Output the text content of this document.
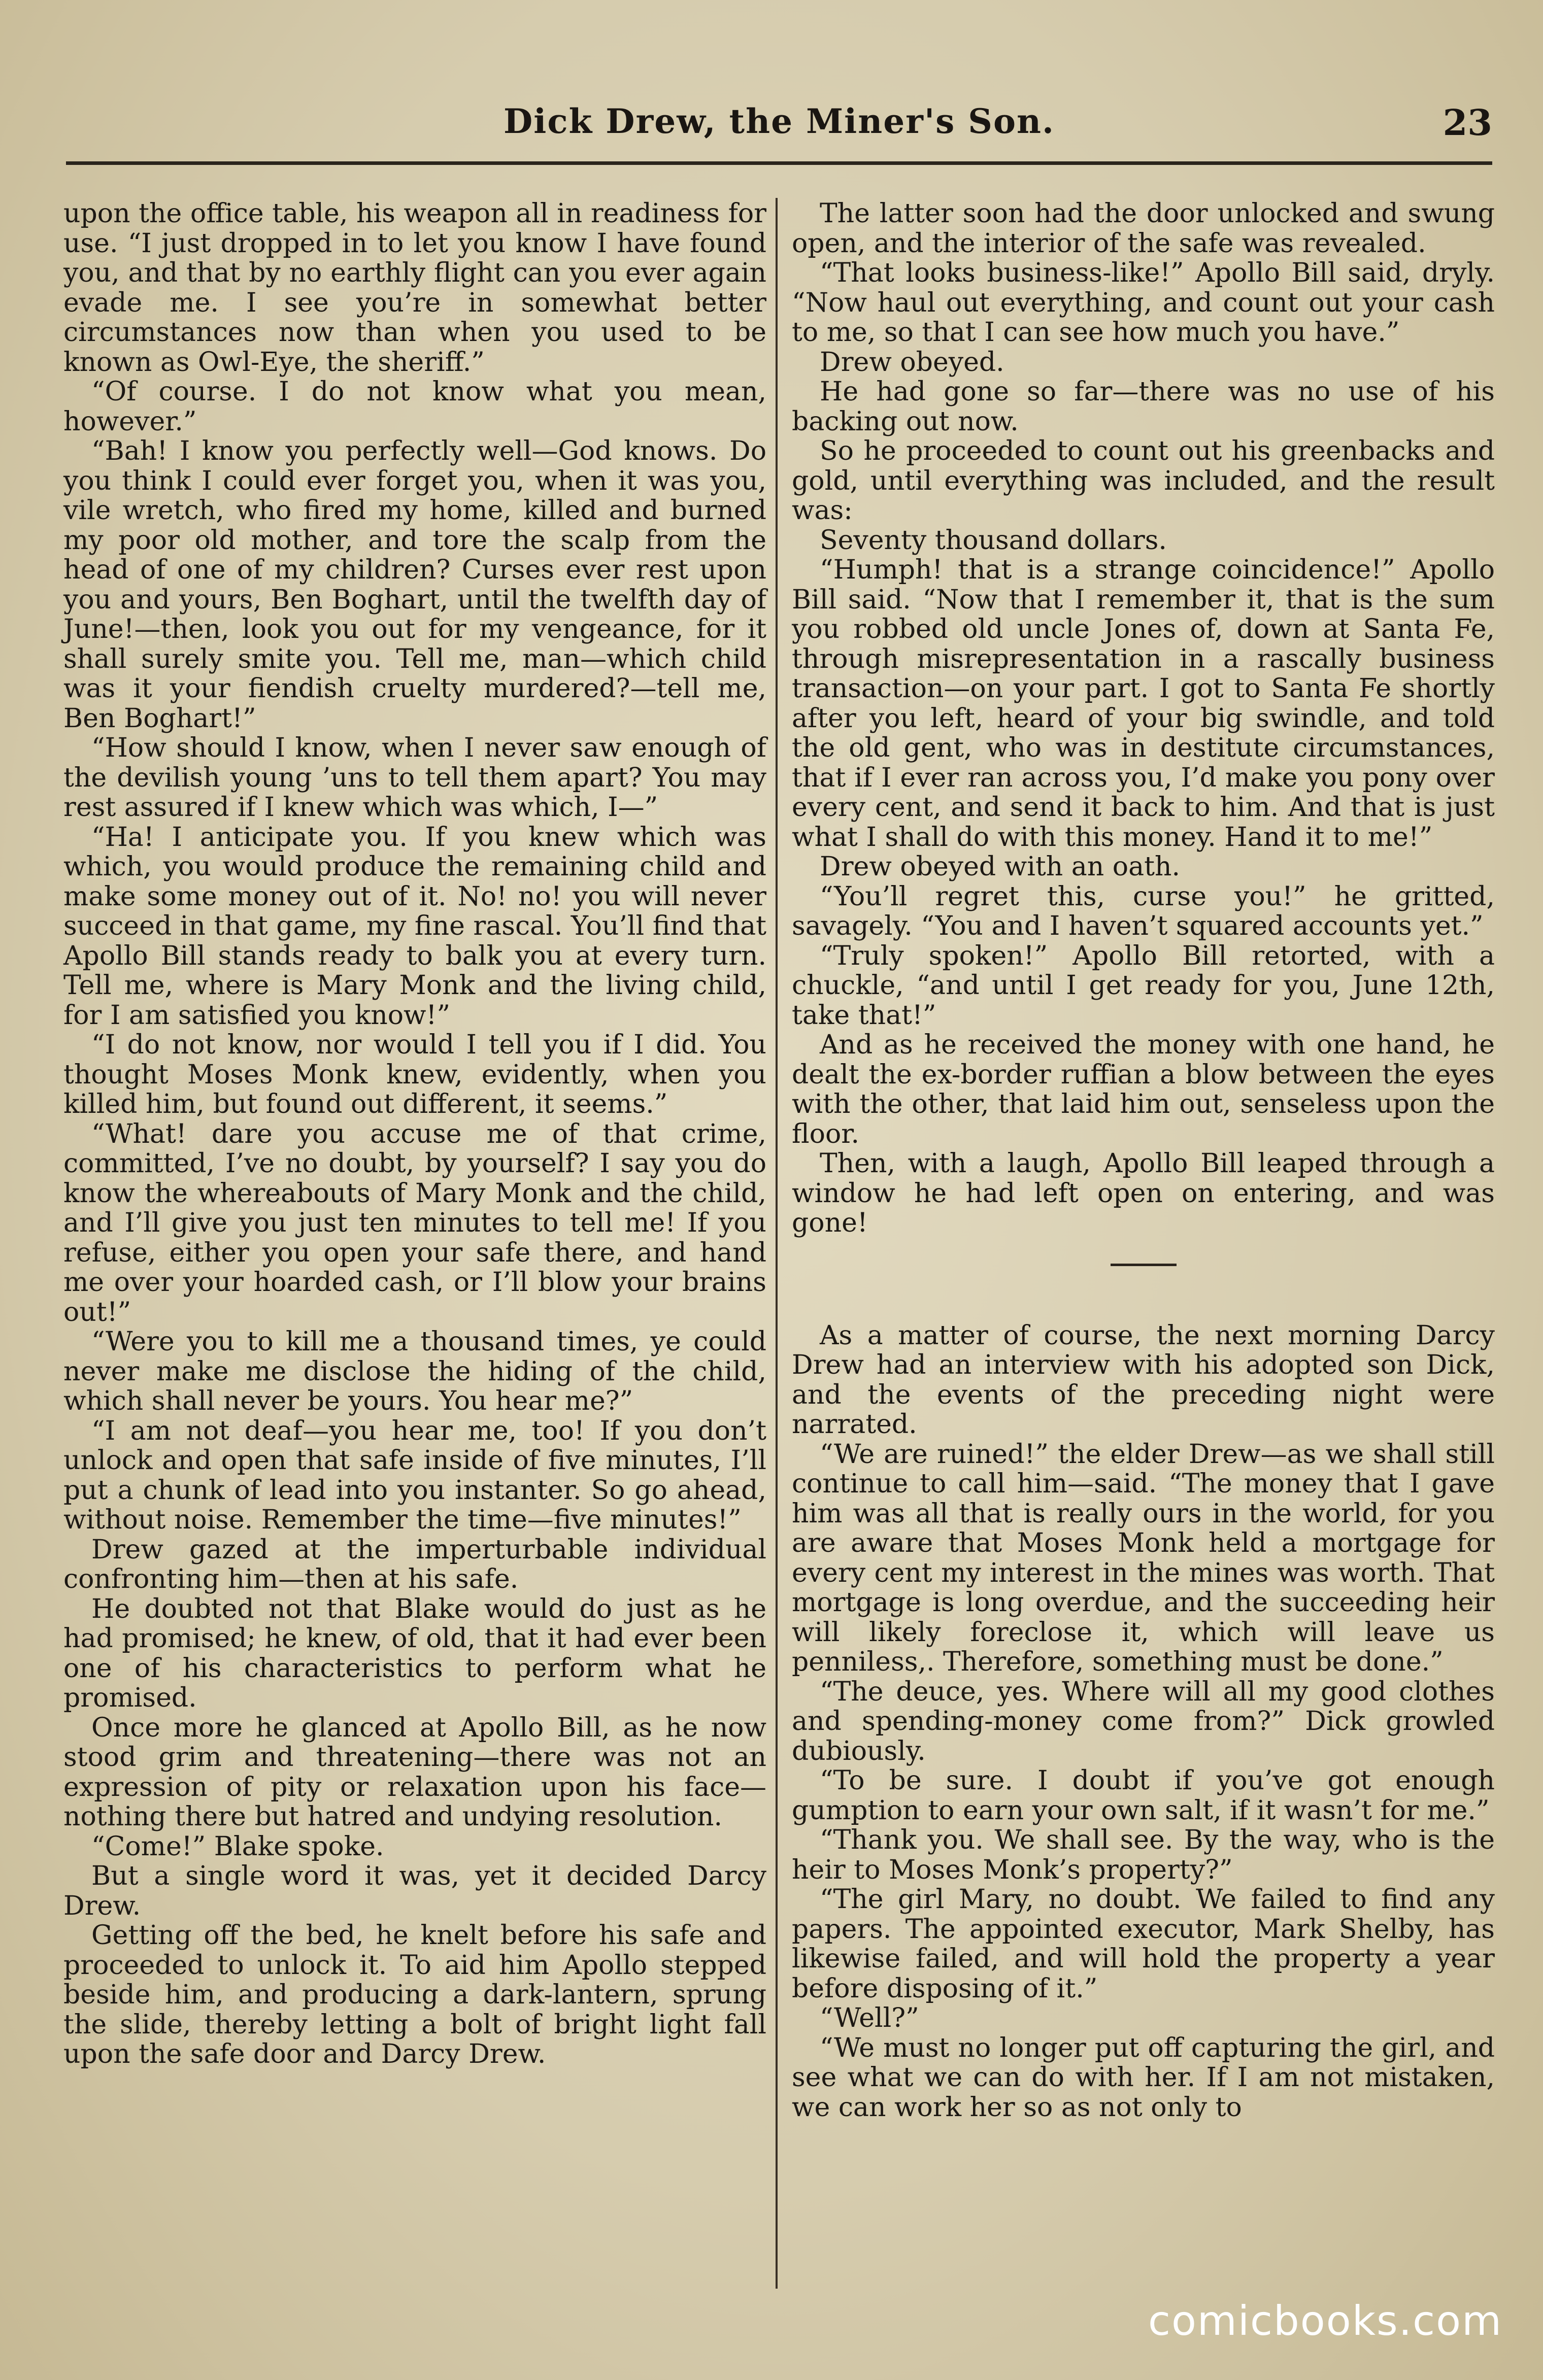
Dick Drew, the Miner's Son.	23

upon the office table, his weapon all in readiness for use. “I just dropped in to let you know I have found you, and that by no earthly flight can you ever again evade me. I see you’re in somewhat better circumstances now than when you used to be known as Owl-Eye, the sheriff.”

“Of course. I do not know what you mean, however.”

“Bah! I know you perfectly well—God knows. Do you think I could ever forget you, when it was you, vile wretch, who fired my home, killed and burned my poor old mother, and tore the scalp from the head of one of my children? Curses ever rest upon you and yours, Ben Boghart, until the twelfth day of June!—then, look you out for my vengeance, for it shall surely smite you. Tell me, man—which child was it your fiendish cruelty murdered?—tell me, Ben Boghart!”

“How should I know, when I never saw enough of the devilish young ’uns to tell them apart? You may rest assured if I knew which was which, I—”

“Ha! I anticipate you. If you knew which was which, you would produce the remaining child and make some money out of it. No! no! you will never succeed in that game, my fine rascal. You’ll find that Apollo Bill stands ready to balk you at every turn. Tell me, where is Mary Monk and the living child, for I am satisfied you know!”

“I do not know, nor would I tell you if I did. You thought Moses Monk knew, evidently, when you killed him, but found out different, it seems.”

“What! dare you accuse me of that crime, committed, I’ve no doubt, by yourself? I say you do know the whereabouts of Mary Monk and the child, and I’ll give you just ten minutes to tell me! If you refuse, either you open your safe there, and hand me over your hoarded cash, or I’ll blow your brains out!”

“Were you to kill me a thousand times, ye could never make me disclose the hiding of the child, which shall never be yours. You hear me?”

“I am not deaf—you hear me, too! If you don’t unlock and open that safe inside of five minutes, I’ll put a chunk of lead into you instanter. So go ahead, without noise. Remember the time—five minutes!”

Drew gazed at the imperturbable individual confronting him—then at his safe.

He doubted not that Blake would do just as he had promised; he knew, of old, that it had ever been one of his characteristics to perform what he promised.

Once more he glanced at Apollo Bill, as he now stood grim and threatening—there was not an expression of pity or relaxation upon his face—nothing there but hatred and undying resolution.

“Come!” Blake spoke.

But a single word it was, yet it decided Darcy Drew.

Getting off the bed, he knelt before his safe and proceeded to unlock it. To aid him Apollo stepped beside him, and producing a dark-lantern, sprung the slide, thereby letting a bolt of bright light fall upon the safe door and Darcy Drew.

The latter soon had the door unlocked and swung open, and the interior of the safe was revealed.

“That looks business-like!” Apollo Bill said, dryly. “Now haul out everything, and count out your cash to me, so that I can see how much you have.”

Drew obeyed.

He had gone so far—there was no use of his backing out now.

So he proceeded to count out his greenbacks and gold, until everything was included, and the result was:

Seventy thousand dollars.

“Humph! that is a strange coincidence!” Apollo Bill said. “Now that I remember it, that is the sum you robbed old uncle Jones of, down at Santa Fe, through misrepresentation in a rascally business transaction—on your part. I got to Santa Fe shortly after you left, heard of your big swindle, and told the old gent, who was in destitute circumstances, that if I ever ran across you, I’d make you pony over every cent, and send it back to him. And that is just what I shall do with this money. Hand it to me!”

Drew obeyed with an oath.

“You’ll regret this, curse you!” he gritted, savagely. “You and I haven’t squared accounts yet.”

“Truly spoken!” Apollo Bill retorted, with a chuckle, “and until I get ready for you, June 12th, take that!”

And as he received the money with one hand, he dealt the ex-border ruffian a blow between the eyes with the other, that laid him out, senseless upon the floor.

Then, with a laugh, Apollo Bill leaped through a window he had left open on entering, and was gone!

As a matter of course, the next morning Darcy Drew had an interview with his adopted son Dick, and the events of the preceding night were narrated.

“We are ruined!” the elder Drew—as we shall still continue to call him—said. “The money that I gave him was all that is really ours in the world, for you are aware that Moses Monk held a mortgage for every cent my interest in the mines was worth. That mortgage is long overdue, and the succeeding heir will likely foreclose it, which will leave us penniless,. Therefore, something must be done.”

“The deuce, yes. Where will all my good clothes and spending-money come from?” Dick growled dubiously.

“To be sure. I doubt if you’ve got enough gumption to earn your own salt, if it wasn’t for me.”

“Thank you. We shall see. By the way, who is the heir to Moses Monk’s property?”

“The girl Mary, no doubt. We failed to find any papers. The appointed executor, Mark Shelby, has likewise failed, and will hold the property a year before disposing of it.”

“Well?”

“We must no longer put off capturing the girl, and see what we can do with her. If I am not mistaken, we can work her so as not only to

comicbooks.com
